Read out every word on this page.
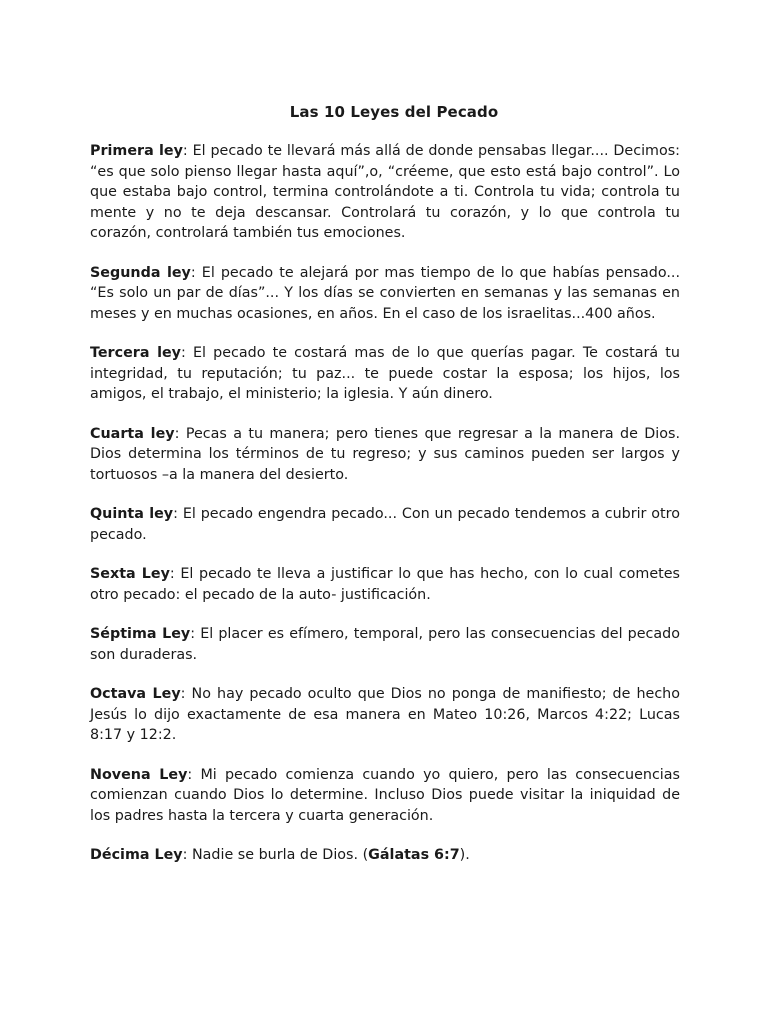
Las 10 Leyes del Pecado

Primera ley: El pecado te llevará más allá de donde pensabas llegar.... Decimos: “es que solo pienso llegar hasta aquí”,o, “créeme, que esto está bajo control”. Lo que estaba bajo control, termina controlándote a ti. Controla tu vida; controla tu mente y no te deja descansar. Controlará tu corazón, y lo que controla tu corazón, controlará también tus emociones.

Segunda ley: El pecado te alejará por mas tiempo de lo que habías pensado... “Es solo un par de días”... Y los días se convierten en semanas y las semanas en meses y en muchas ocasiones, en años. En el caso de los israelitas...400 años.

Tercera ley: El pecado te costará mas de lo que querías pagar. Te costará tu integridad, tu reputación; tu paz... te puede costar la esposa; los hijos, los amigos, el trabajo, el ministerio; la iglesia. Y aún dinero.

Cuarta ley: Pecas a tu manera; pero tienes que regresar a la manera de Dios. Dios determina los términos de tu regreso; y sus caminos pueden ser largos y tortuosos –a la manera del desierto.

Quinta ley: El pecado engendra pecado... Con un pecado tendemos a cubrir otro pecado.

Sexta Ley: El pecado te lleva a justificar lo que has hecho, con lo cual cometes otro pecado: el pecado de la auto- justificación.

Séptima Ley: El placer es efímero, temporal, pero las consecuencias del pecado son duraderas.

Octava Ley: No hay pecado oculto que Dios no ponga de manifiesto; de hecho Jesús lo dijo exactamente de esa manera en Mateo 10:26, Marcos 4:22; Lucas 8:17 y 12:2.

Novena Ley: Mi pecado comienza cuando yo quiero, pero las consecuencias comienzan cuando Dios lo determine. Incluso Dios puede visitar la iniquidad de los padres hasta la tercera y cuarta generación.

Décima Ley: Nadie se burla de Dios. (Gálatas 6:7).
